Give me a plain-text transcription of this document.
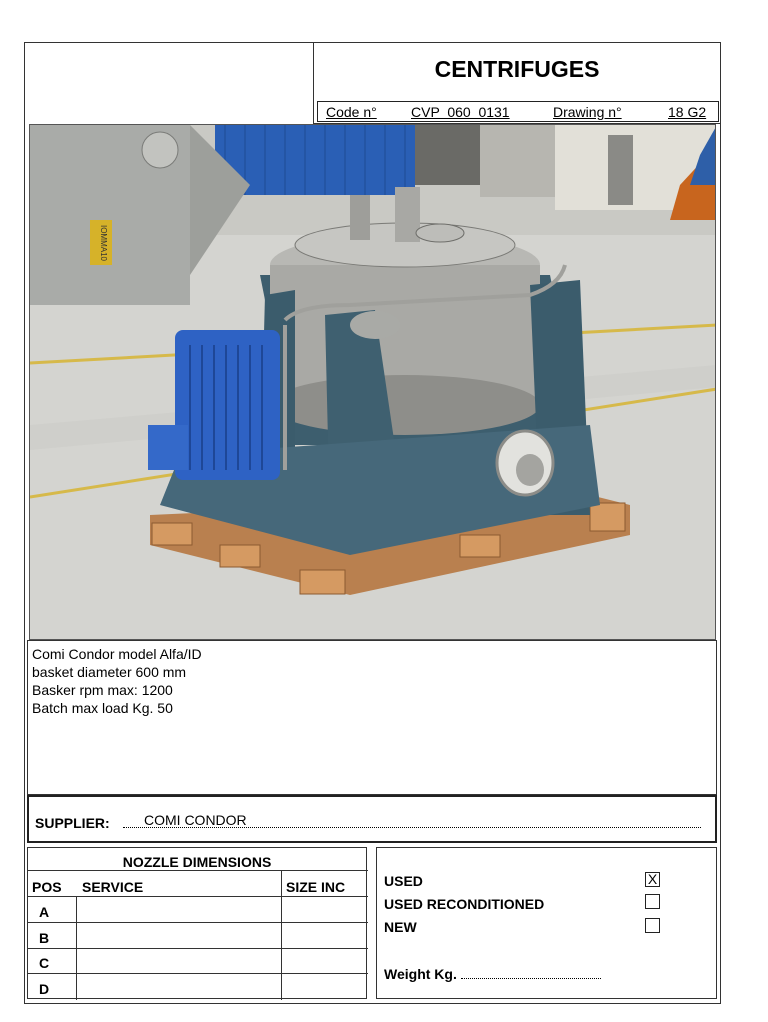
CENTRIFUGES
Code n° CVP  060  0131	Drawing n°	18 G2
IOMMA10
Comi Condor model Alfa/ID
basket diameter 600 mm
Basker rpm max: 1200
Batch max load Kg. 50
SUPPLIER: COMI CONDOR
NOZZLE DIMENSIONS
POS SERVICE	SIZE INC
A
B
C
D
USED	X
USED RECONDITIONED
NEW
Weight Kg.
